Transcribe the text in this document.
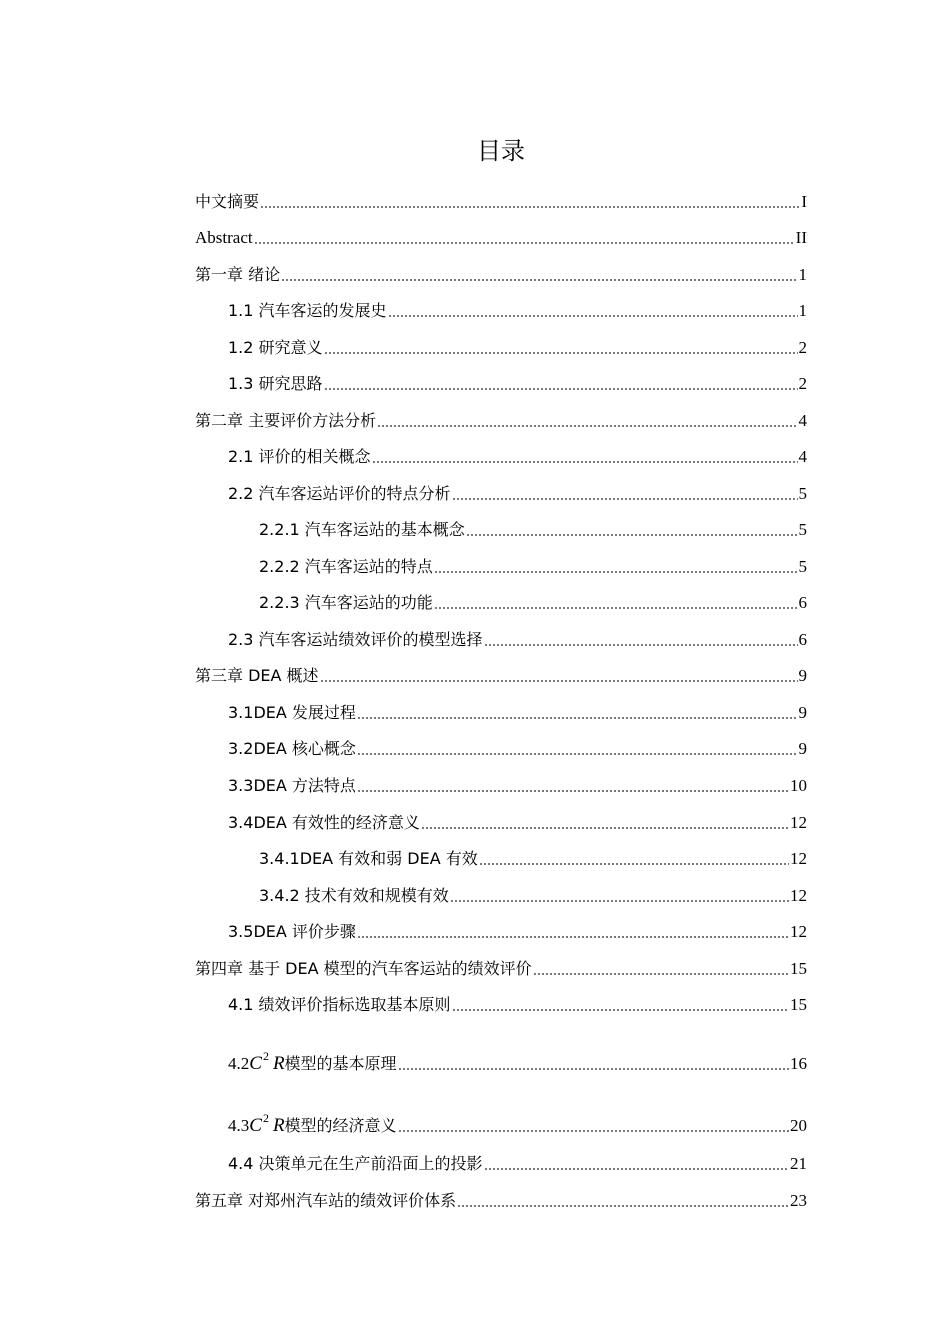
目录
中文摘要	I
Abstract	II
第一章 绪论	1
1.1 汽车客运的发展史	1
1.2 研究意义	2
1.3 研究思路	2
第二章 主要评价方法分析	4
2.1 评价的相关概念	4
2.2 汽车客运站评价的特点分析	5
2.2.1 汽车客运站的基本概念	5
2.2.2 汽车客运站的特点	5
2.2.3 汽车客运站的功能	6
2.3 汽车客运站绩效评价的模型选择	6
第三章 DEA 概述	9
3.1DEA 发展过程	9
3.2DEA 核心概念	9
3.3DEA 方法特点	10
3.4DEA 有效性的经济意义	12
3.4.1DEA 有效和弱 DEA 有效	12
3.4.2 技术有效和规模有效	12
3.5DEA 评价步骤	12
第四章 基于 DEA 模型的汽车客运站的绩效评价	15
4.1 绩效评价指标选取基本原则	15
$4.2C^2$ R模型的基本原理	16
$4.3C^2$ R模型的经济意义	20
4.4 决策单元在生产前沿面上的投影	21
第五章 对郑州汽车站的绩效评价体系	23
